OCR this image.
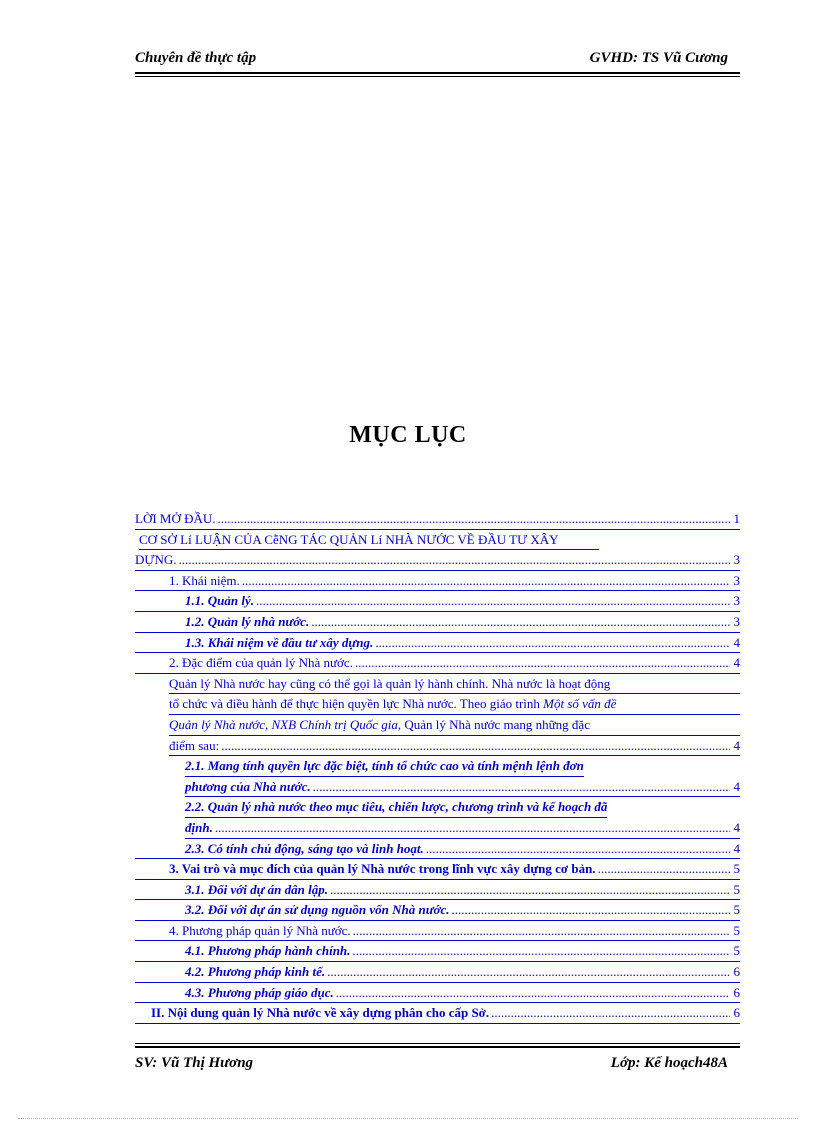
Chuyên đề thực tập	GVHD: TS Vũ Cương
MỤC LỤC
LỜI MỞ ĐẦU. .....	1
CƠ SỞ Lí LUẬN CỦA CễNG TÁC QUẢN Lí NHÀ NƯỚC VỀ ĐẦU TƯ XÂY
DỰNG. .....	3
1. Khái niệm. .....	3
1.1. Quản lý. .....	3
1.2. Quản lý nhà nước. .....	3
1.3. Khái niệm về đầu tư xây dựng. .....	4
2. Đặc điểm của quản lý Nhà nước. .....	4
Quản lý Nhà nước hay cũng có thể gọi là quản lý hành chính. Nhà nước là hoạt động
tổ chức và điều hành để thực hiện quyền lực Nhà nước. Theo giáo trình Một số vấn đề
Quản lý Nhà nước, NXB Chính trị Quốc gia, Quản lý Nhà nước mang những đặc
điểm sau: .....	4
2.1. Mang tính quyền lực đặc biệt, tính tổ chức cao và tính mệnh lệnh đơn
phương của Nhà nước. .....	4
2.2. Quản lý nhà nước theo mục tiêu, chiến lược, chương trình và kế hoạch đã
định. .....	4
2.3. Có tính chủ động, sáng tạo và linh hoạt. .....	4
3. Vai trò và mục đích của quản lý Nhà nước trong lĩnh vực xây dựng cơ bản. .....	5
3.1. Đối với dự án dân lập. .....	5
3.2. Đối với dự án sử dụng nguồn vốn Nhà nước. .....	5
4. Phương pháp quản lý Nhà nước. .....	5
4.1. Phương pháp hành chính. .....	5
4.2. Phương pháp kinh tế. .....	6
4.3. Phương pháp giáo dục. .....	6
II. Nội dung quản lý Nhà nước về xây dựng phân cho cấp Sở. .....	6
SV: Vũ Thị Hương	Lớp: Kế hoạch48A
